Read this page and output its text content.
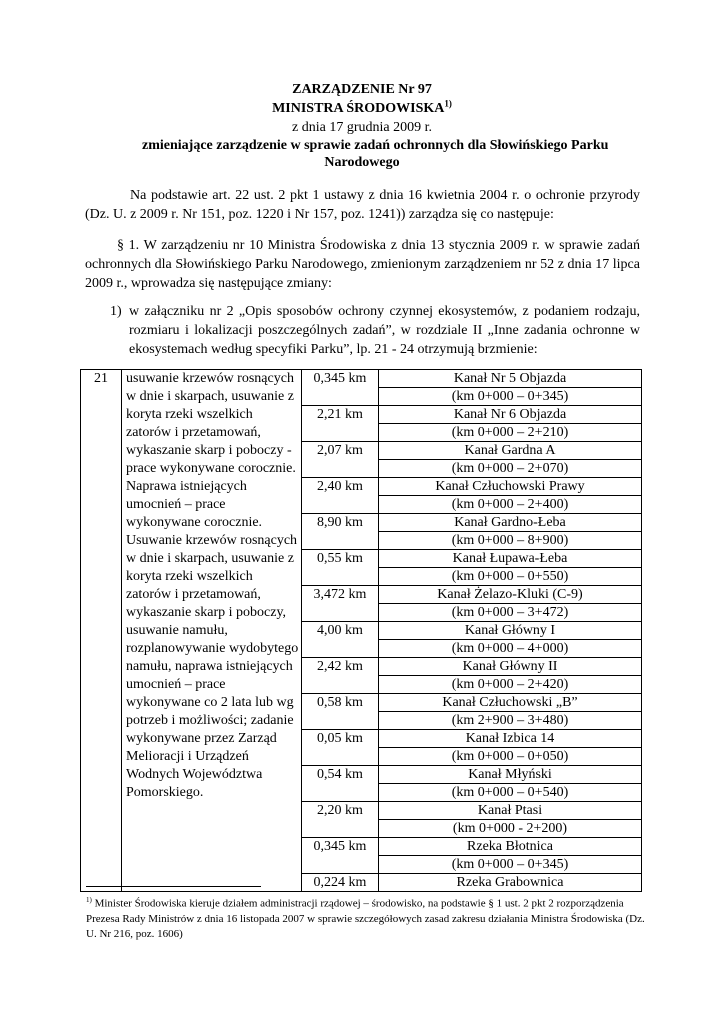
ZARZĄDZENIE Nr 97
MINISTRA ŚRODOWISKA$^{1)}$
z dnia 17 grudnia 2009 r.
zmieniające zarządzenie w sprawie zadań ochronnych dla Słowińskiego Parku
Narodowego
Na podstawie art. 22 ust. 2 pkt 1 ustawy z dnia 16 kwietnia 2004 r. o ochronie przyrody (Dz. U. z 2009 r. Nr 151, poz. 1220 i Nr 157, poz. 1241)) zarządza się co następuje:
§ 1. W zarządzeniu nr 10 Ministra Środowiska z dnia 13 stycznia 2009 r. w sprawie zadań ochronnych dla Słowińskiego Parku Narodowego, zmienionym zarządzeniem nr 52 z dnia 17 lipca 2009 r., wprowadza się następujące zmiany:
1) w załączniku nr 2 „Opis sposobów ochrony czynnej ekosystemów, z podaniem rodzaju, rozmiaru i lokalizacji poszczególnych zadań”, w rozdziale II „Inne zadania ochronne w ekosystemach według specyfiki Parku”, lp. 21 - 24 otrzymują brzmienie:
21	usuwanie krzewów rosnących w dnie i skarpach, usuwanie z koryta rzeki wszelkich zatorów i przetamowań, wykaszanie skarp i poboczy - prace wykonywane corocznie. Naprawa istniejących umocnień – prace wykonywane corocznie. Usuwanie krzewów rosnących w dnie i skarpach, usuwanie z koryta rzeki wszelkich zatorów i przetamowań, wykaszanie skarp i poboczy, usuwanie namułu, rozplanowywanie wydobytego namułu, naprawa istniejących umocnień – prace wykonywane co 2 lata lub wg potrzeb i możliwości; zadanie wykonywane przez Zarząd Melioracji i Urządzeń Wodnych Województwa Pomorskiego.	0,345 km	Kanał Nr 5 Objazda
			(km 0+000 – 0+345)
		2,21 km	Kanał Nr 6 Objazda
			(km 0+000 – 2+210)
		2,07 km	Kanał Gardna A
			(km 0+000 – 2+070)
		2,40 km	Kanał Człuchowski Prawy
			(km 0+000 – 2+400)
		8,90 km	Kanał Gardno-Łeba
			(km 0+000 – 8+900)
		0,55 km	Kanał Łupawa-Łeba
			(km 0+000 – 0+550)
		3,472 km	Kanał Żelazo-Kluki (C-9)
			(km 0+000 – 3+472)
		4,00 km	Kanał Główny I
			(km 0+000 – 4+000)
		2,42 km	Kanał Główny II
			(km 0+000 – 2+420)
		0,58 km	Kanał Człuchowski „B”
			(km 2+900 – 3+480)
		0,05 km	Kanał Izbica 14
			(km 0+000 – 0+050)
		0,54 km	Kanał Młyński
			(km 0+000 – 0+540)
		2,20 km	Kanał Ptasi
			(km 0+000 - 2+200)
		0,345 km	Rzeka Błotnica
			(km 0+000 – 0+345)
		0,224 km	Rzeka Grabownica
$^{1)}$ Minister Środowiska kieruje działem administracji rządowej – środowisko, na podstawie § 1 ust. 2 pkt 2 rozporządzenia Prezesa Rady Ministrów z dnia 16 listopada 2007 w sprawie szczegółowych zasad zakresu działania Ministra Środowiska (Dz. U. Nr 216, poz. 1606)
